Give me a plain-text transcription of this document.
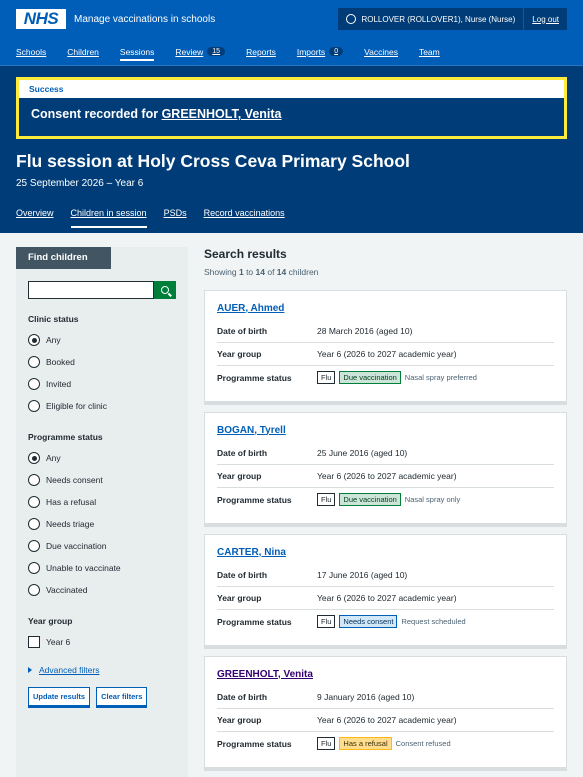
NHS	Manage vaccinations in schools	ROLLOVER (ROLLOVER1), Nurse (Nurse) Log out
Schools Children Sessions Review	15	Reports Imports	0	Vaccines Team
Success
Consent recorded for GREENHOLT, Venita
Flu session at Holy Cross Ceva Primary School
25 September 2026 – Year 6
Overview Children in session PSDs Record vaccinations
Find children
Clinic status
Any
Booked
Invited
Eligible for clinic
Programme status
Any
Needs consent
Has a refusal
Needs triage
Due vaccination
Unable to vaccinate
Vaccinated
Year group
Year 6
Advanced filters
Update results	Clear filters
Search results
Showing 1 to 14 of 14 children
AUER, Ahmed
Date of birth	28 March 2016 (aged 10)
Year group	Year 6 (2026 to 2027 academic year)
Programme status	Flu	Due vaccination	Nasal spray preferred
BOGAN, Tyrell
Date of birth	25 June 2016 (aged 10)
Year group	Year 6 (2026 to 2027 academic year)
Programme status	Flu	Due vaccination	Nasal spray only
CARTER, Nina
Date of birth	17 June 2016 (aged 10)
Year group	Year 6 (2026 to 2027 academic year)
Programme status	Flu	Needs consent	Request scheduled
GREENHOLT, Venita
Date of birth	9 January 2016 (aged 10)
Year group	Year 6 (2026 to 2027 academic year)
Programme status	Flu	Has a refusal	Consent refused
